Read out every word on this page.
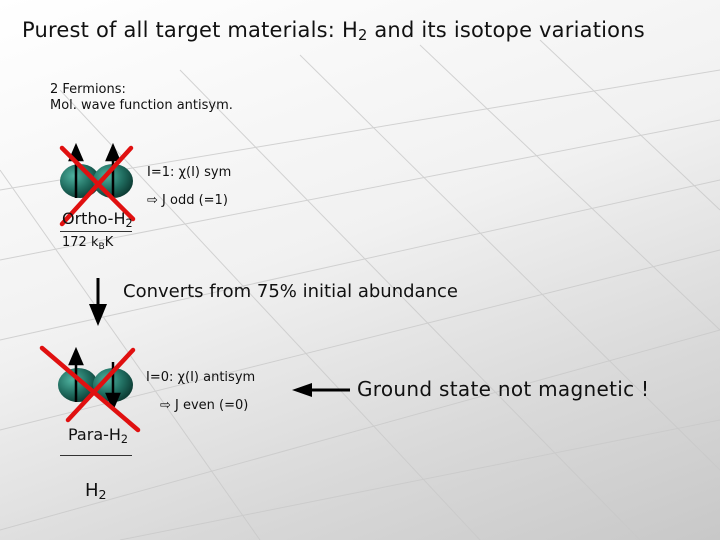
Purest of all target materials: $H_2$ and its isotope variations
2 Fermions:
Mol. wave function antisym.
I=1: χ(I) sym
⇨ J odd (=1)
Ortho-$H_2$
172 $k_BK$
Converts from 75% initial abundance
I=0: χ(I) antisym
⇨ J even (=0)
Para-$H_2$
$H_2$
Ground state not magnetic !
